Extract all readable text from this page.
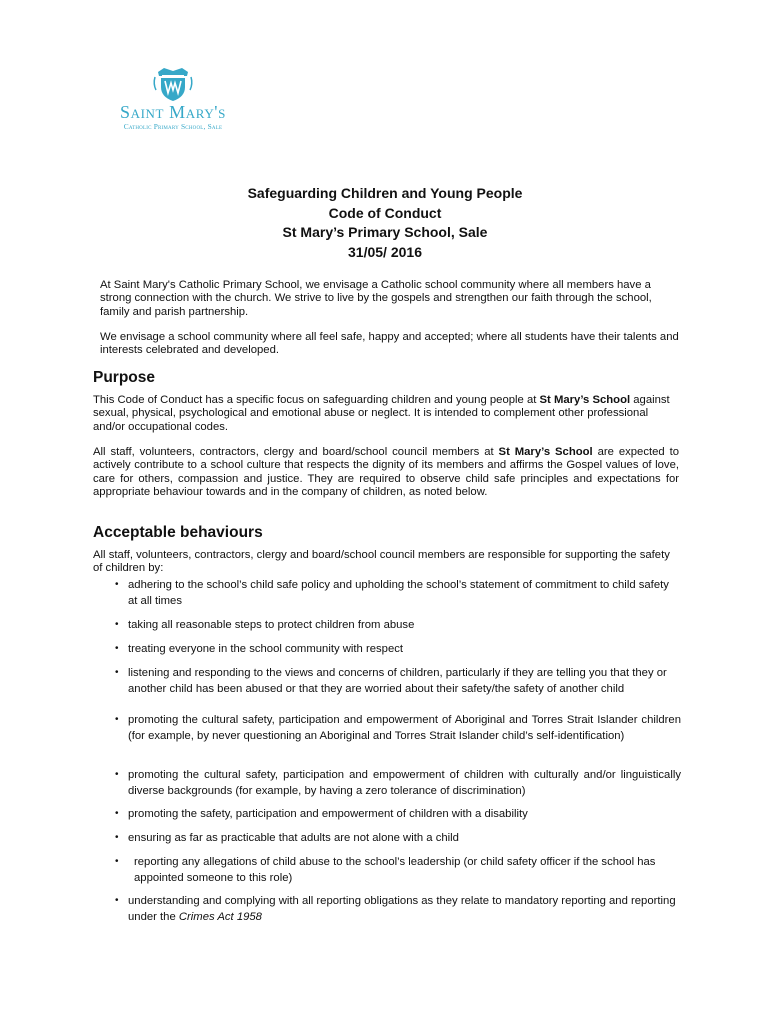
Saint Mary's
Catholic Primary School, Sale
Safeguarding Children and Young People
Code of Conduct
St Mary’s Primary School, Sale
31/05/ 2016
At Saint Mary's Catholic Primary School, we envisage a Catholic school community where all members have a strong connection with the church. We strive to live by the gospels and strengthen our faith through the school, family and parish partnership.
We envisage a school community where all feel safe, happy and accepted; where all students have their talents and interests celebrated and developed.
Purpose
This Code of Conduct has a specific focus on safeguarding children and young people at St Mary’s School against sexual, physical, psychological and emotional abuse or neglect. It is intended to complement other professional and/or occupational codes.
All staff, volunteers, contractors, clergy and board/school council members at St Mary’s School are expected to actively contribute to a school culture that respects the dignity of its members and affirms the Gospel values of love, care for others, compassion and justice. They are required to observe child safe principles and expectations for appropriate behaviour towards and in the company of children, as noted below.
Acceptable behaviours
All staff, volunteers, contractors, clergy and board/school council members are responsible for supporting the safety of children by:
• adhering to the school’s child safe policy and upholding the school’s statement of commitment to child safety at all times
• taking all reasonable steps to protect children from abuse
• treating everyone in the school community with respect
• listening and responding to the views and concerns of children, particularly if they are telling you that they or another child has been abused or that they are worried about their safety/the safety of another child
• promoting the cultural safety, participation and empowerment of Aboriginal and Torres Strait Islander children (for example, by never questioning an Aboriginal and Torres Strait Islander child’s self-identification)
• promoting the cultural safety, participation and empowerment of children with culturally and/or linguistically diverse backgrounds (for example, by having a zero tolerance of discrimination)
• promoting the safety, participation and empowerment of children with a disability
• ensuring as far as practicable that adults are not alone with a child
• reporting any allegations of child abuse to the school’s leadership (or child safety officer if the school has appointed someone to this role)
• understanding and complying with all reporting obligations as they relate to mandatory reporting and reporting under the Crimes Act 1958
